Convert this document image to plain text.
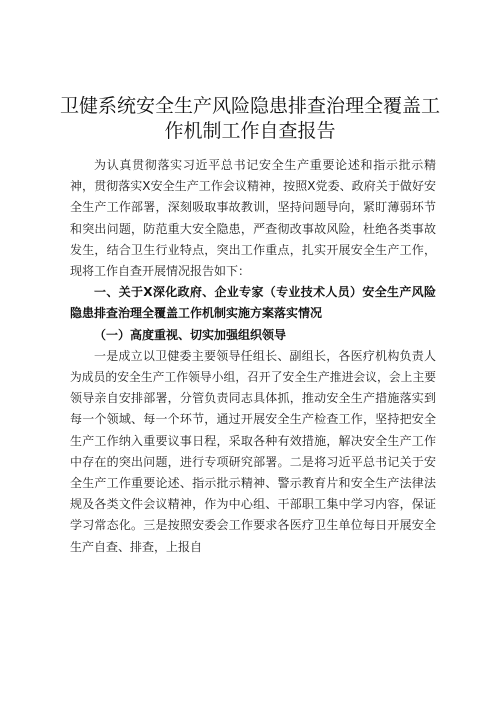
卫健系统安全生产风险隐患排查治理全覆盖工
作机制工作自查报告
为认真贯彻落实习近平总书记安全生产重要论述和指示批示精
神，贯彻落实X安全生产工作会议精神，按照X党委、政府关于做好安
全生产工作部署，深刻吸取事故教训，坚持问题导向，紧盯薄弱环节
和突出问题，防范重大安全隐患，严查彻改事故风险，杜绝各类事故
发生，结合卫生行业特点，突出工作重点，扎实开展安全生产工作，
现将工作自查开展情况报告如下：
一、关于X深化政府、企业专家（专业技术人员）安全生产风险
隐患排查治理全覆盖工作机制实施方案落实情况
（一）高度重视、切实加强组织领导
一是成立以卫健委主要领导任组长、副组长，各医疗机构负责人
为成员的安全生产工作领导小组，召开了安全生产推进会议，会上主要
领导亲自安排部署，分管负责同志具体抓，推动安全生产措施落实到
每一个领域、每一个环节，通过开展安全生产检查工作，坚持把安全
生产工作纳入重要议事日程，采取各种有效措施，解决安全生产工作
中存在的突出问题，进行专项研究部署。二是将习近平总书记关于安
全生产工作重要论述、指示批示精神、警示教育片和安全生产法律法
规及各类文件会议精神，作为中心组、干部职工集中学习内容，保证
学习常态化。三是按照安委会工作要求各医疗卫生单位每日开展安全
生产自查、排查，上报自
